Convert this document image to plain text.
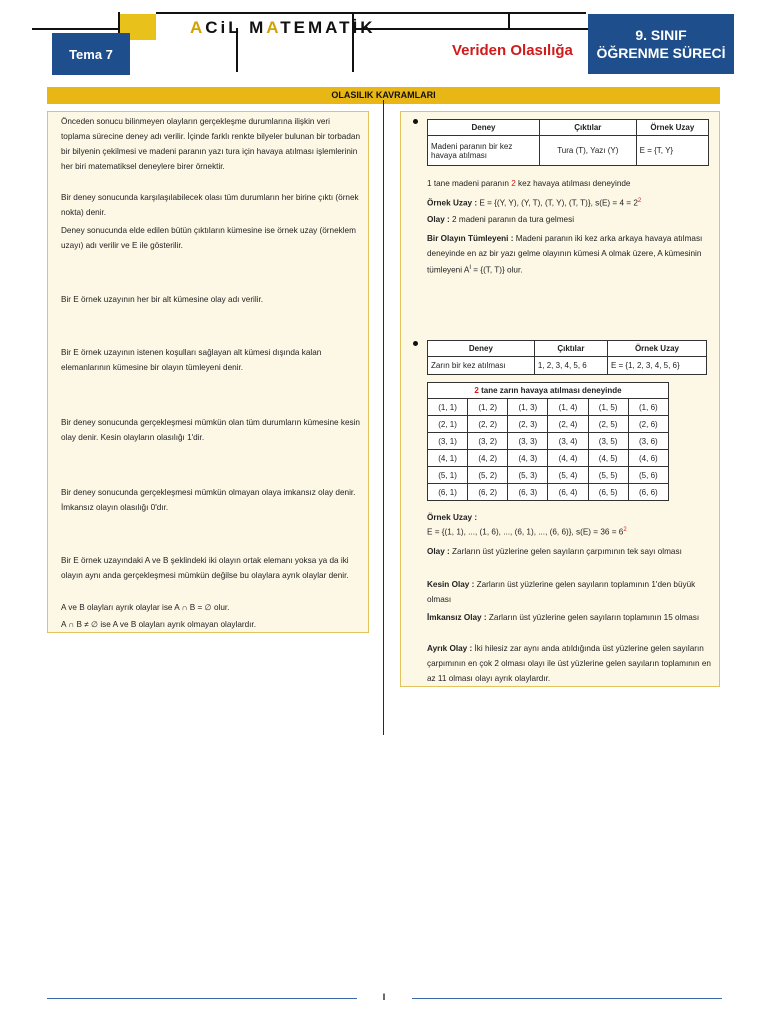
Tema 7
ACiL MATEMATİK
Veriden Olasılığa
9. SINIF
ÖĞRENME SÜRECİ
OLASILIK KAVRAMLARI
Önceden sonucu bilinmeyen olayların gerçekleşme durumlarına ilişkin veri toplama sürecine deney adı verilir. İçinde farklı renkte bilyeler bulunan bir torbadan bir bilyenin çekilmesi ve madeni paranın yazı tura için havaya atılması işlemlerinin her biri matematiksel deneylere birer örnektir.
Bir deney sonucunda karşılaşılabilecek olası tüm durumların her birine çıktı (örnek nokta) denir.
Deney sonucunda elde edilen bütün çıktıların kümesine ise örnek uzay (örneklem uzayı) adı verilir ve E ile gösterilir.
Bir E örnek uzayının her bir alt kümesine olay adı verilir.
Bir E örnek uzayının istenen koşulları sağlayan alt kümesi dışında kalan elemanlarının kümesine bir olayın tümleyeni denir.
Bir deney sonucunda gerçekleşmesi mümkün olan tüm durumların kümesine kesin olay denir. Kesin olayların olasılığı 1'dir.
Bir deney sonucunda gerçekleşmesi mümkün olmayan olaya imkansız olay denir. İmkansız olayın olasılığı 0'dır.
Bir E örnek uzayındaki A ve B şeklindeki iki olayın ortak elemanı yoksa ya da iki olayın aynı anda gerçekleşmesi mümkün değilse bu olaylara ayrık olaylar denir.
A ve B olayları ayrık olaylar ise A ∩ B = ∅ olur.
A ∩ B ≠ ∅ ise A ve B olayları ayrık olmayan olaylardır.
Deney	Çıktılar	Örnek Uzay
Madeni paranın bir kez havaya atılması	Tura (T), Yazı (Y)	E = {T, Y}
1 tane madeni paranın 2 kez havaya atılması deneyinde
Örnek Uzay : E = {(Y, Y), (Y, T), (T, Y), (T, T)}, $s(E) = 4 = 2^2$
Olay : 2 madeni paranın da tura gelmesi
Bir Olayın Tümleyeni : Madeni paranın iki kez arka arkaya havaya atılması deneyinde en az bir yazı gelme olayının kümesi A olmak üzere, A kümesinin tümleyeni $A^I = \{(T$, T)} olur.
Deney	Çıktılar	Örnek Uzay
Zarın bir kez atılması	1, 2, 3, 4, 5, 6	E = {1, 2, 3, 4, 5, 6}
2 tane zarın havaya atılması deneyinde					
(1, 1)	(1, 2)	(1, 3)	(1, 4)	(1, 5)	(1, 6)
(2, 1)	(2, 2)	(2, 3)	(2, 4)	(2, 5)	(2, 6)
(3, 1)	(3, 2)	(3, 3)	(3, 4)	(3, 5)	(3, 6)
(4, 1)	(4, 2)	(4, 3)	(4, 4)	(4, 5)	(4, 6)
(5, 1)	(5, 2)	(5, 3)	(5, 4)	(5, 5)	(5, 6)
(6, 1)	(6, 2)	(6, 3)	(6, 4)	(6, 5)	(6, 6)
Örnek Uzay :
E = {(1, 1), ..., (1, 6), ..., (6, 1), ..., (6, 6)}, $s(E) = 36 = 6^2$
Olay : Zarların üst yüzlerine gelen sayıların çarpımının tek sayı olması
Kesin Olay : Zarların üst yüzlerine gelen sayıların toplamının 1'den büyük olması
İmkansız Olay : Zarların üst yüzlerine gelen sayıların toplamının 15 olması
Ayrık Olay : İki hilesiz zar aynı anda atıldığında üst yüzlerine gelen sayıların çarpımının en çok 2 olması olayı ile üst yüzlerine gelen sayıların toplamının en az 11 olması olayı ayrık olaylardır.
I
